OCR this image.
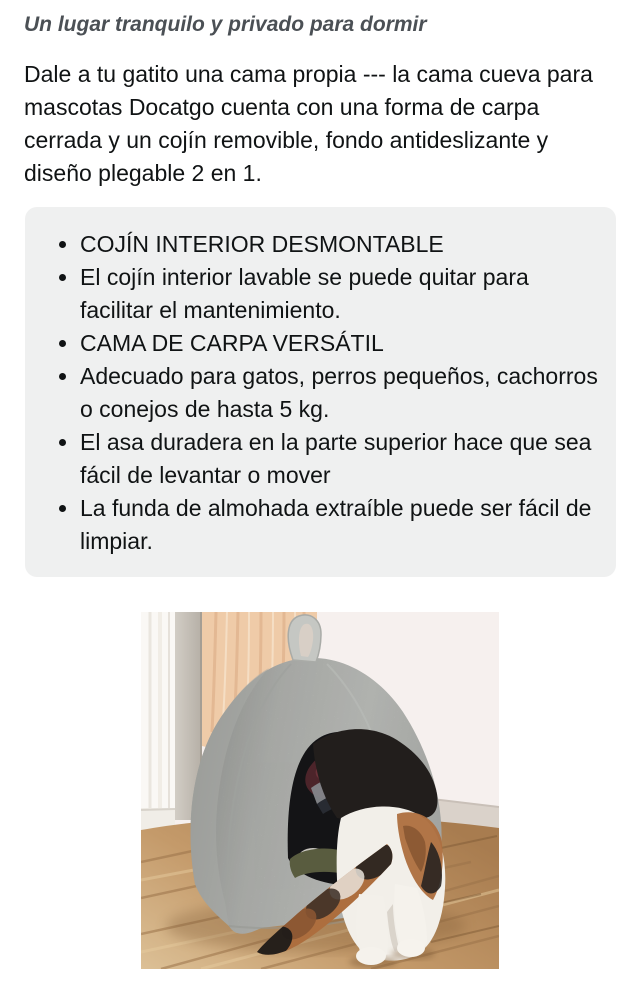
Un lugar tranquilo y privado para dormir

Dale a tu gatito una cama propia --- la cama cueva para mascotas Docatgo cuenta con una forma de carpa cerrada y un cojín removible, fondo antideslizante y diseño plegable 2 en 1.

• COJÍN INTERIOR DESMONTABLE
• El cojín interior lavable se puede quitar para facilitar el mantenimiento.
• CAMA DE CARPA VERSÁTIL
• Adecuado para gatos, perros pequeños, cachorros o conejos de hasta 5 kg.
• El asa duradera en la parte superior hace que sea fácil de levantar o mover
• La funda de almohada extraíble puede ser fácil de limpiar.
